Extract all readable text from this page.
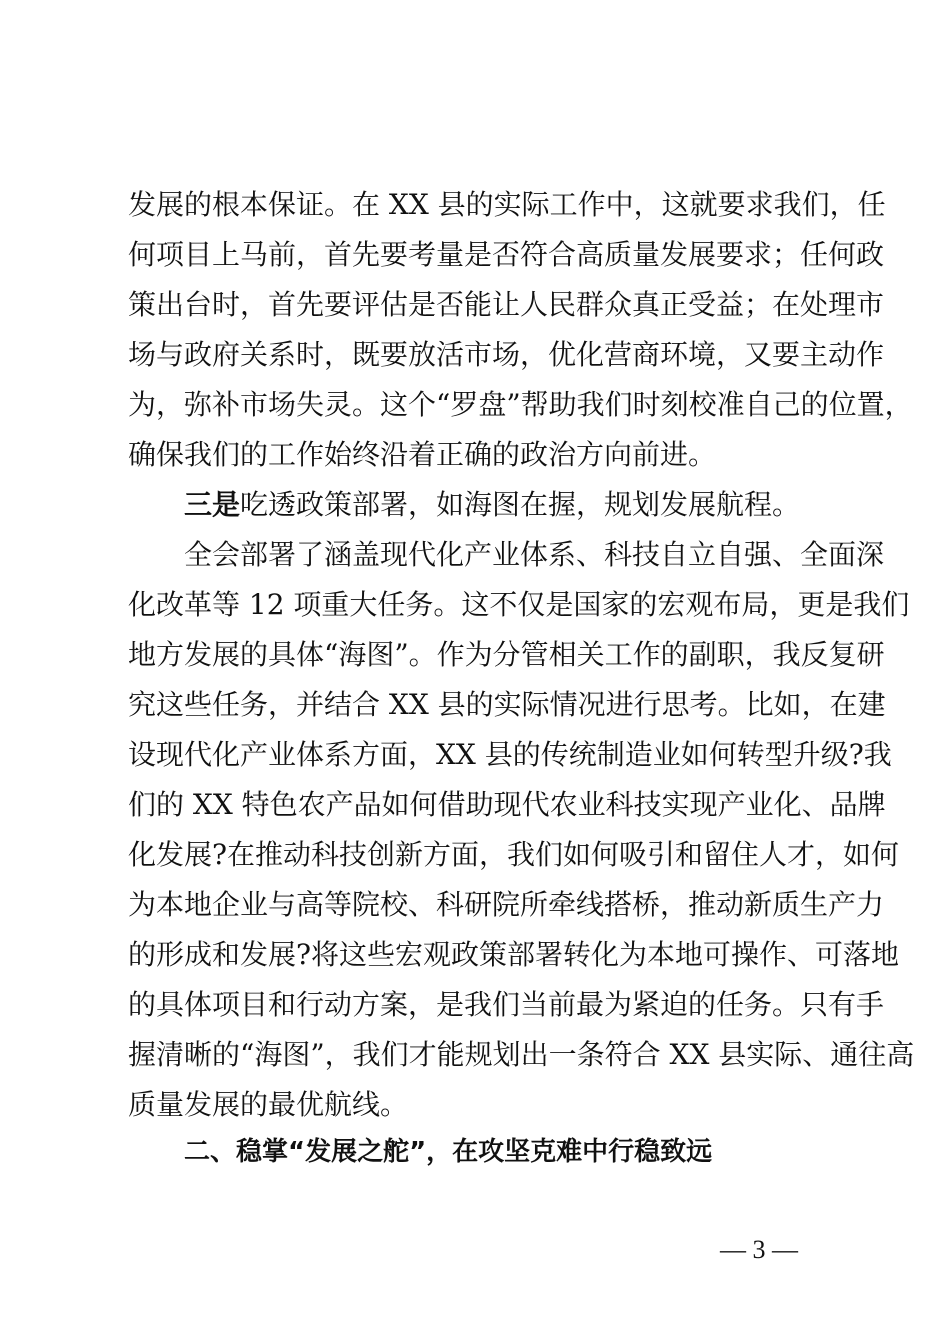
发展的根本保证。在 XX 县的实际工作中，这就要求我们，任
何项目上马前，首先要考量是否符合高质量发展要求；任何政
策出台时，首先要评估是否能让人民群众真正受益；在处理市
场与政府关系时，既要放活市场，优化营商环境，又要主动作
为，弥补市场失灵。这个“罗盘”帮助我们时刻校准自己的位置，
确保我们的工作始终沿着正确的政治方向前进。
三是吃透政策部署，如海图在握，规划发展航程。
全会部署了涵盖现代化产业体系、科技自立自强、全面深
化改革等 12 项重大任务。这不仅是国家的宏观布局，更是我们
地方发展的具体“海图”。作为分管相关工作的副职，我反复研
究这些任务，并结合 XX 县的实际情况进行思考。比如，在建
设现代化产业体系方面，XX 县的传统制造业如何转型升级?我
们的 XX 特色农产品如何借助现代农业科技实现产业化、品牌
化发展?在推动科技创新方面，我们如何吸引和留住人才，如何
为本地企业与高等院校、科研院所牵线搭桥，推动新质生产力
的形成和发展?将这些宏观政策部署转化为本地可操作、可落地
的具体项目和行动方案，是我们当前最为紧迫的任务。只有手
握清晰的“海图”，我们才能规划出一条符合 XX 县实际、通往高
质量发展的最优航线。
二、稳掌“发展之舵”，在攻坚克难中行稳致远
— 3 —
